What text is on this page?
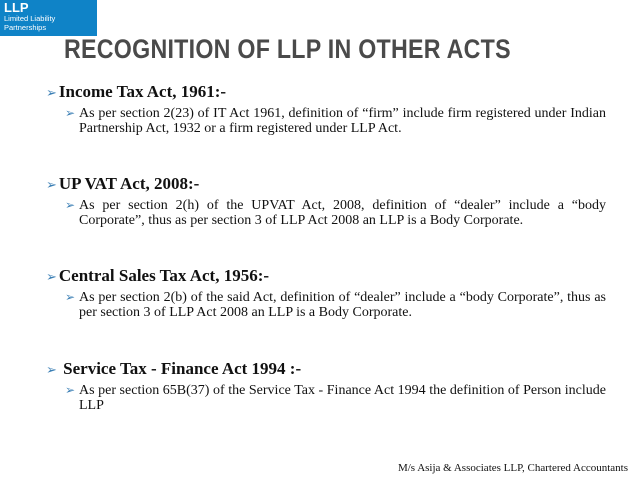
LLP
Limited Liability
Partnerships
RECOGNITION OF LLP IN OTHER ACTS
➢ Income Tax Act, 1961:-
➢ As per section 2(23) of IT Act 1961, definition of “firm” include firm registered under Indian Partnership Act, 1932 or a firm registered under LLP Act.
➢ UP VAT Act, 2008:-
➢ As per section 2(h) of the UPVAT Act, 2008, definition of “dealer” include a “body Corporate”, thus as per section 3 of LLP Act 2008 an LLP is a Body Corporate.
➢ Central Sales Tax Act, 1956:-
➢ As per section 2(b) of the said Act, definition of “dealer” include a “body Corporate”, thus as per section 3 of LLP Act 2008 an LLP is a Body Corporate.
➢ Service Tax - Finance Act 1994 :-
➢ As per section 65B(37) of the Service Tax - Finance Act 1994 the definition of Person include LLP
M/s Asija & Associates LLP, Chartered Accountants
